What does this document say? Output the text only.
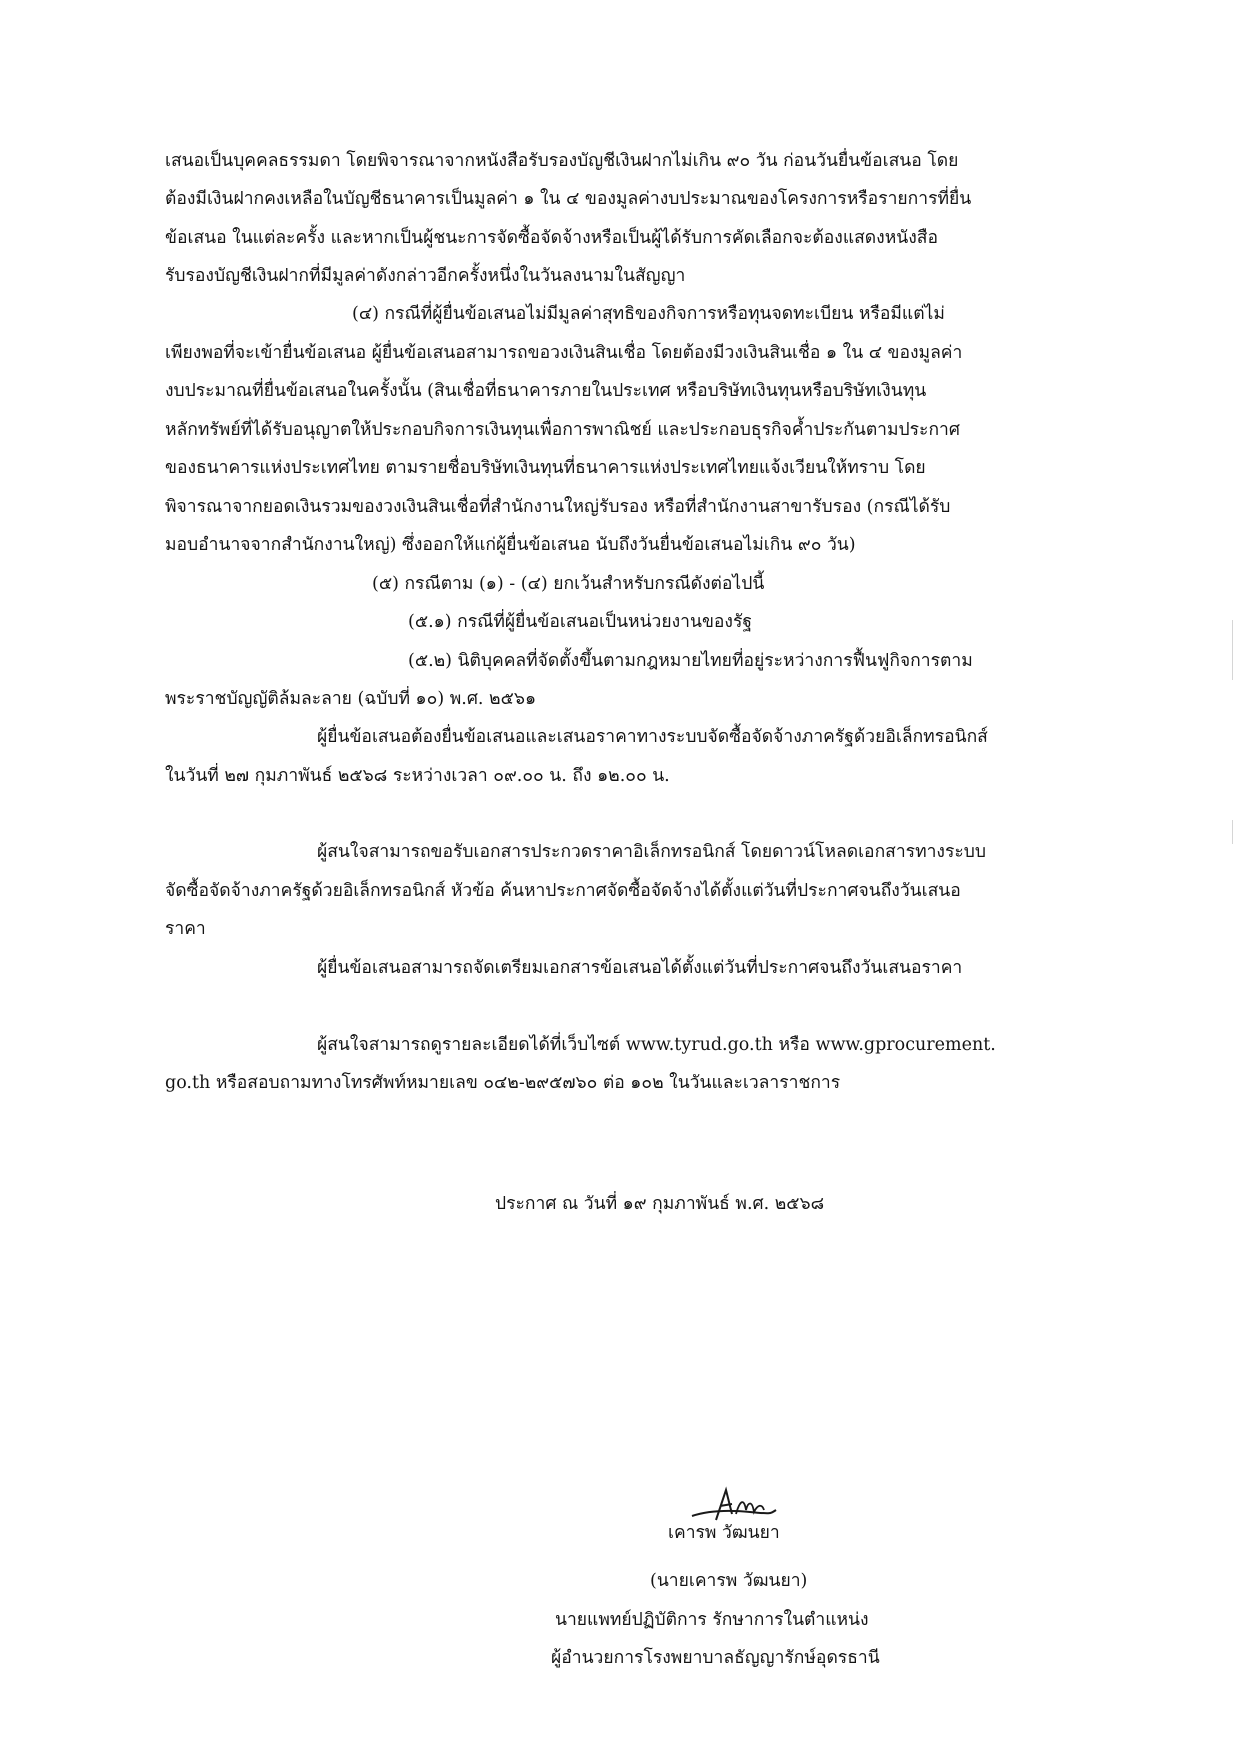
เสนอเป็นบุคคลธรรมดา โดยพิจารณาจากหนังสือรับรองบัญชีเงินฝากไม่เกิน ๙๐ วัน ก่อนวันยื่นข้อเสนอ โดย
ต้องมีเงินฝากคงเหลือในบัญชีธนาคารเป็นมูลค่า ๑ ใน ๔ ของมูลค่างบประมาณของโครงการหรือรายการที่ยื่น
ข้อเสนอ ในแต่ละครั้ง และหากเป็นผู้ชนะการจัดซื้อจัดจ้างหรือเป็นผู้ได้รับการคัดเลือกจะต้องแสดงหนังสือ
รับรองบัญชีเงินฝากที่มีมูลค่าดังกล่าวอีกครั้งหนึ่งในวันลงนามในสัญญา
(๔) กรณีที่ผู้ยื่นข้อเสนอไม่มีมูลค่าสุทธิของกิจการหรือทุนจดทะเบียน หรือมีแต่ไม่
เพียงพอที่จะเข้ายื่นข้อเสนอ ผู้ยื่นข้อเสนอสามารถขอวงเงินสินเชื่อ โดยต้องมีวงเงินสินเชื่อ ๑ ใน ๔ ของมูลค่า
งบประมาณที่ยื่นข้อเสนอในครั้งนั้น (สินเชื่อที่ธนาคารภายในประเทศ หรือบริษัทเงินทุนหรือบริษัทเงินทุน
หลักทรัพย์ที่ได้รับอนุญาตให้ประกอบกิจการเงินทุนเพื่อการพาณิชย์ และประกอบธุรกิจค้ำประกันตามประกาศ
ของธนาคารแห่งประเทศไทย ตามรายชื่อบริษัทเงินทุนที่ธนาคารแห่งประเทศไทยแจ้งเวียนให้ทราบ โดย
พิจารณาจากยอดเงินรวมของวงเงินสินเชื่อที่สำนักงานใหญ่รับรอง หรือที่สำนักงานสาขารับรอง (กรณีได้รับ
มอบอำนาจจากสำนักงานใหญ่) ซึ่งออกให้แก่ผู้ยื่นข้อเสนอ นับถึงวันยื่นข้อเสนอไม่เกิน ๙๐ วัน)
(๕) กรณีตาม (๑) - (๔) ยกเว้นสำหรับกรณีดังต่อไปนี้
(๕.๑) กรณีที่ผู้ยื่นข้อเสนอเป็นหน่วยงานของรัฐ
(๕.๒) นิติบุคคลที่จัดตั้งขึ้นตามกฎหมายไทยที่อยู่ระหว่างการฟื้นฟูกิจการตาม
พระราชบัญญัติล้มละลาย (ฉบับที่ ๑๐) พ.ศ. ๒๕๖๑
ผู้ยื่นข้อเสนอต้องยื่นข้อเสนอและเสนอราคาทางระบบจัดซื้อจัดจ้างภาครัฐด้วยอิเล็กทรอนิกส์
ในวันที่ ๒๗ กุมภาพันธ์ ๒๕๖๘ ระหว่างเวลา ๐๙.๐๐ น. ถึง ๑๒.๐๐ น.
ผู้สนใจสามารถขอรับเอกสารประกวดราคาอิเล็กทรอนิกส์ โดยดาวน์โหลดเอกสารทางระบบ
จัดซื้อจัดจ้างภาครัฐด้วยอิเล็กทรอนิกส์ หัวข้อ ค้นหาประกาศจัดซื้อจัดจ้างได้ตั้งแต่วันที่ประกาศจนถึงวันเสนอ
ราคา
ผู้ยื่นข้อเสนอสามารถจัดเตรียมเอกสารข้อเสนอได้ตั้งแต่วันที่ประกาศจนถึงวันเสนอราคา
ผู้สนใจสามารถดูรายละเอียดได้ที่เว็บไซต์ www.tyrud.go.th หรือ www.gprocurement.
go.th หรือสอบถามทางโทรศัพท์หมายเลข ๐๔๒-๒๙๕๗๖๐ ต่อ ๑๐๒ ในวันและเวลาราชการ
ประกาศ ณ วันที่ ๑๙ กุมภาพันธ์ พ.ศ. ๒๕๖๘
เคารพ วัฒนยา
(นายเคารพ วัฒนยา)
นายแพทย์ปฏิบัติการ รักษาการในตำแหน่ง
ผู้อำนวยการโรงพยาบาลธัญญารักษ์อุดรธานี
